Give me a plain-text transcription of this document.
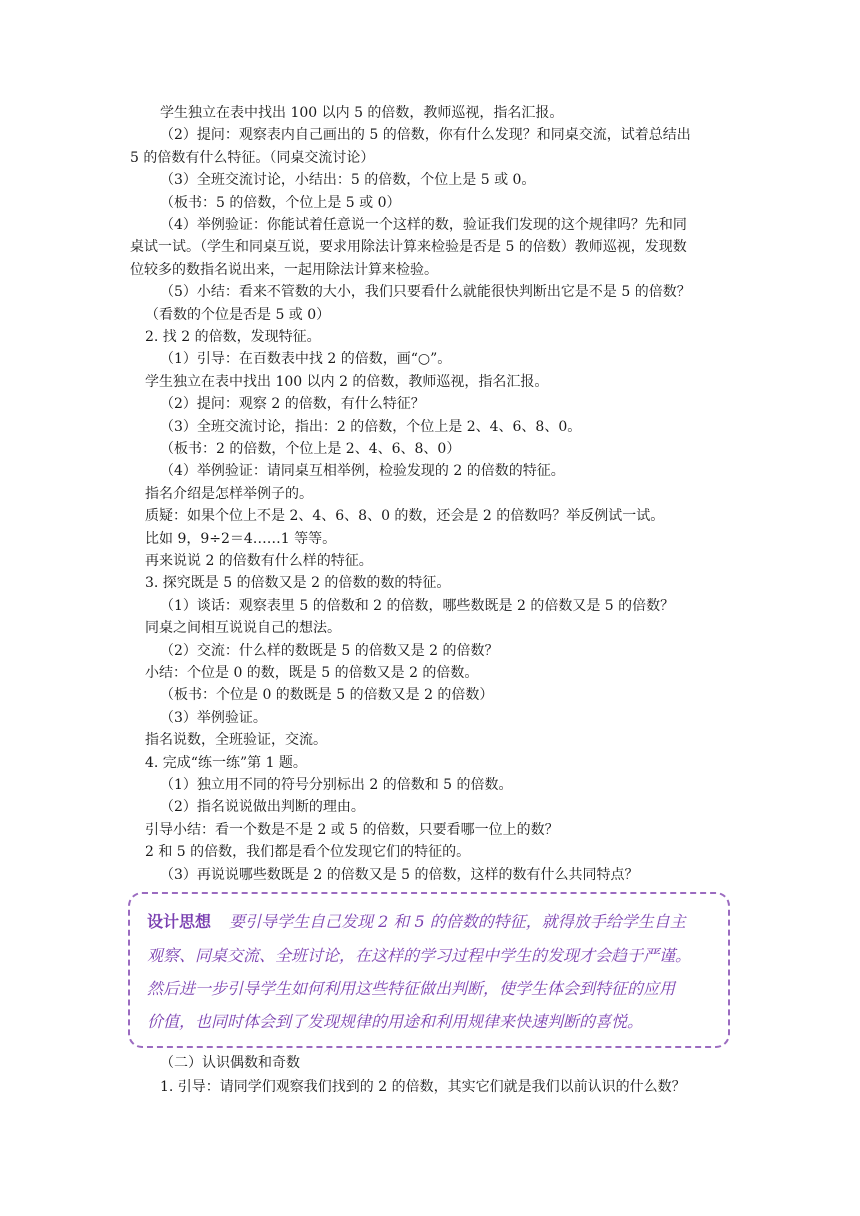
学生独立在表中找出 100 以内 5 的倍数，教师巡视，指名汇报。
（2）提问：观察表内自己画出的 5 的倍数，你有什么发现？和同桌交流，试着总结出
5 的倍数有什么特征。（同桌交流讨论）
（3）全班交流讨论，小结出：5 的倍数，个位上是 5 或 0。
（板书：5 的倍数，个位上是 5 或 0）
（4）举例验证：你能试着任意说一个这样的数，验证我们发现的这个规律吗？先和同
桌试一试。（学生和同桌互说，要求用除法计算来检验是否是 5 的倍数）教师巡视，发现数
位较多的数指名说出来，一起用除法计算来检验。
（5）小结：看来不管数的大小，我们只要看什么就能很快判断出它是不是 5 的倍数？
（看数的个位是否是 5 或 0）
2. 找 2 的倍数，发现特征。
（1）引导：在百数表中找 2 的倍数，画“○”。
学生独立在表中找出 100 以内 2 的倍数，教师巡视，指名汇报。
（2）提问：观察 2 的倍数，有什么特征？
（3）全班交流讨论，指出：2 的倍数，个位上是 2、4、6、8、0。
（板书：2 的倍数，个位上是 2、4、6、8、0）
（4）举例验证：请同桌互相举例，检验发现的 2 的倍数的特征。
指名介绍是怎样举例子的。
质疑：如果个位上不是 2、4、6、8、0 的数，还会是 2 的倍数吗？举反例试一试。
比如 9，9÷2＝4……1 等等。
再来说说 2 的倍数有什么样的特征。
3. 探究既是 5 的倍数又是 2 的倍数的数的特征。
（1）谈话：观察表里 5 的倍数和 2 的倍数，哪些数既是 2 的倍数又是 5 的倍数？
同桌之间相互说说自己的想法。
（2）交流：什么样的数既是 5 的倍数又是 2 的倍数？
小结：个位是 0 的数，既是 5 的倍数又是 2 的倍数。
（板书：个位是 0 的数既是 5 的倍数又是 2 的倍数）
（3）举例验证。
指名说数，全班验证，交流。
4. 完成“练一练”第 1 题。
（1）独立用不同的符号分别标出 2 的倍数和 5 的倍数。
（2）指名说说做出判断的理由。
引导小结：看一个数是不是 2 或 5 的倍数，只要看哪一位上的数？
2 和 5 的倍数，我们都是看个位发现它们的特征的。
（3）再说说哪些数既是 2 的倍数又是 5 的倍数，这样的数有什么共同特点？
设计思想 要引导学生自己发现 2 和 5 的倍数的特征，就得放手给学生自主
观察、同桌交流、全班讨论，在这样的学习过程中学生的发现才会趋于严谨。
然后进一步引导学生如何利用这些特征做出判断，使学生体会到特征的应用
价值，也同时体会到了发现规律的用途和利用规律来快速判断的喜悦。
（二）认识偶数和奇数
1. 引导：请同学们观察我们找到的 2 的倍数，其实它们就是我们以前认识的什么数？
